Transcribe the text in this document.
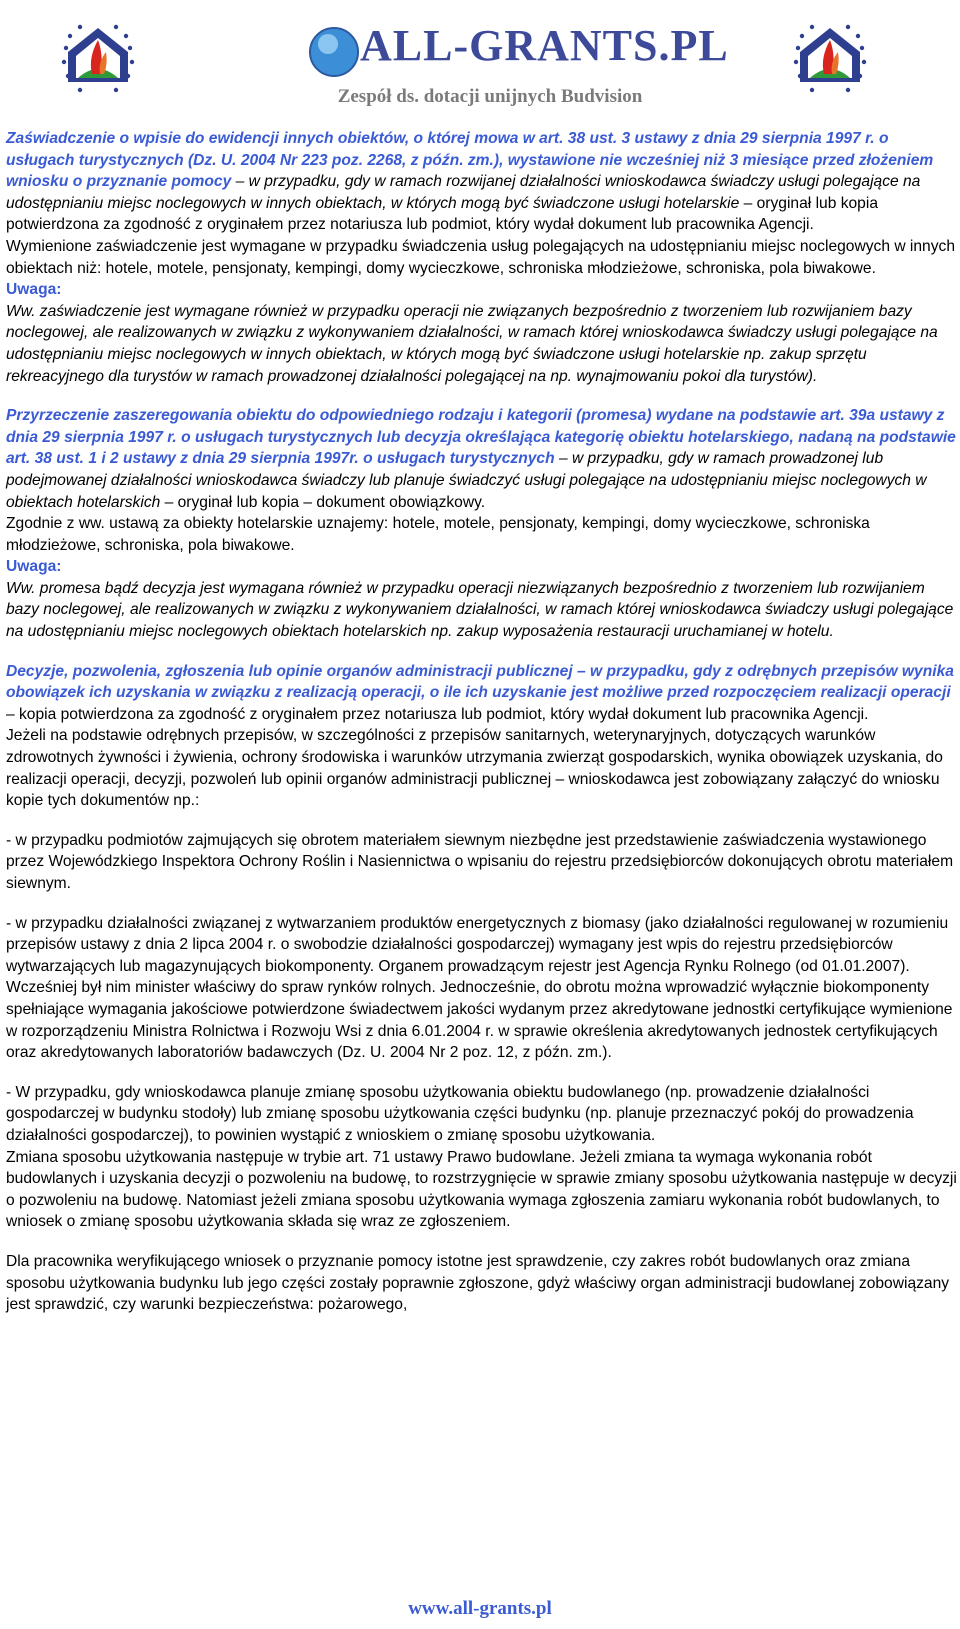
ALL-GRANTS.PL
Zespół ds. dotacji unijnych Budvision

Zaświadczenie o wpisie do ewidencji innych obiektów, o której mowa w art. 38 ust. 3 ustawy z dnia 29 sierpnia 1997 r. o usługach turystycznych (Dz. U. 2004 Nr 223 poz. 2268, z późn. zm.), wystawione nie wcześniej niż 3 miesiące przed złożeniem wniosku o przyznanie pomocy – w przypadku, gdy w ramach rozwijanej działalności wnioskodawca świadczy usługi polegające na udostępnianiu miejsc noclegowych w innych obiektach, w których mogą być świadczone usługi hotelarskie – oryginał lub kopia potwierdzona za zgodność z oryginałem przez notariusza lub podmiot, który wydał dokument lub pracownika Agencji.

Wymienione zaświadczenie jest wymagane w przypadku świadczenia usług polegających na udostępnianiu miejsc noclegowych w innych obiektach niż: hotele, motele, pensjonaty, kempingi, domy wycieczkowe, schroniska młodzieżowe, schroniska, pola biwakowe.

Uwaga:

Ww. zaświadczenie jest wymagane również w przypadku operacji nie związanych bezpośrednio z tworzeniem lub rozwijaniem bazy noclegowej, ale realizowanych w związku z wykonywaniem działalności, w ramach której wnioskodawca świadczy usługi polegające na udostępnianiu miejsc noclegowych w innych obiektach, w których mogą być świadczone usługi hotelarskie np. zakup sprzętu rekreacyjnego dla turystów w ramach prowadzonej działalności polegającej na np. wynajmowaniu pokoi dla turystów).

Przyrzeczenie zaszeregowania obiektu do odpowiedniego rodzaju i kategorii (promesa) wydane na podstawie art. 39a ustawy z dnia 29 sierpnia 1997 r. o usługach turystycznych lub decyzja określająca kategorię obiektu hotelarskiego, nadaną na podstawie art. 38 ust. 1 i 2 ustawy z dnia 29 sierpnia 1997r. o usługach turystycznych – w przypadku, gdy w ramach prowadzonej lub podejmowanej działalności wnioskodawca świadczy lub planuje świadczyć usługi polegające na udostępnianiu miejsc noclegowych w obiektach hotelarskich – oryginał lub kopia – dokument obowiązkowy.

Zgodnie z ww. ustawą za obiekty hotelarskie uznajemy: hotele, motele, pensjonaty, kempingi, domy wycieczkowe, schroniska młodzieżowe, schroniska, pola biwakowe.

Uwaga:

Ww. promesa bądź decyzja jest wymagana również w przypadku operacji niezwiązanych bezpośrednio z tworzeniem lub rozwijaniem bazy noclegowej, ale realizowanych w związku z wykonywaniem działalności, w ramach której wnioskodawca świadczy usługi polegające na udostępnianiu miejsc noclegowych obiektach hotelarskich np. zakup wyposażenia restauracji uruchamianej w hotelu.

Decyzje, pozwolenia, zgłoszenia lub opinie organów administracji publicznej – w przypadku, gdy z odrębnych przepisów wynika obowiązek ich uzyskania w związku z realizacją operacji, o ile ich uzyskanie jest możliwe przed rozpoczęciem realizacji operacji – kopia potwierdzona za zgodność z oryginałem przez notariusza lub podmiot, który wydał dokument lub pracownika Agencji.

Jeżeli na podstawie odrębnych przepisów, w szczególności z przepisów sanitarnych, weterynaryjnych, dotyczących warunków zdrowotnych żywności i żywienia, ochrony środowiska i warunków utrzymania zwierząt gospodarskich, wynika obowiązek uzyskania, do realizacji operacji, decyzji, pozwoleń lub opinii organów administracji publicznej – wnioskodawca jest zobowiązany załączyć do wniosku kopie tych dokumentów np.:

- w przypadku podmiotów zajmujących się obrotem materiałem siewnym niezbędne jest przedstawienie zaświadczenia wystawionego przez Wojewódzkiego Inspektora Ochrony Roślin i Nasiennictwa o wpisaniu do rejestru przedsiębiorców dokonujących obrotu materiałem siewnym.

- w przypadku działalności związanej z wytwarzaniem produktów energetycznych z biomasy (jako działalności regulowanej w rozumieniu przepisów ustawy z dnia 2 lipca 2004 r. o swobodzie działalności gospodarczej) wymagany jest wpis do rejestru przedsiębiorców wytwarzających lub magazynujących biokomponenty. Organem prowadzącym rejestr jest Agencja Rynku Rolnego (od 01.01.2007). Wcześniej był nim minister właściwy do spraw rynków rolnych. Jednocześnie, do obrotu można wprowadzić wyłącznie biokomponenty spełniające wymagania jakościowe potwierdzone świadectwem jakości wydanym przez akredytowane jednostki certyfikujące wymienione w rozporządzeniu Ministra Rolnictwa i Rozwoju Wsi z dnia 6.01.2004 r. w sprawie określenia akredytowanych jednostek certyfikujących oraz akredytowanych laboratoriów badawczych (Dz. U. 2004 Nr 2 poz. 12, z późn. zm.).

- W przypadku, gdy wnioskodawca planuje zmianę sposobu użytkowania obiektu budowlanego (np. prowadzenie działalności gospodarczej w budynku stodoły) lub zmianę sposobu użytkowania części budynku (np. planuje przeznaczyć pokój do prowadzenia działalności gospodarczej), to powinien wystąpić z wnioskiem o zmianę sposobu użytkowania.

Zmiana sposobu użytkowania następuje w trybie art. 71 ustawy Prawo budowlane. Jeżeli zmiana ta wymaga wykonania robót budowlanych i uzyskania decyzji o pozwoleniu na budowę, to rozstrzygnięcie w sprawie zmiany sposobu użytkowania następuje w decyzji o pozwoleniu na budowę. Natomiast jeżeli zmiana sposobu użytkowania wymaga zgłoszenia zamiaru wykonania robót budowlanych, to wniosek o zmianę sposobu użytkowania składa się wraz ze zgłoszeniem.

Dla pracownika weryfikującego wniosek o przyznanie pomocy istotne jest sprawdzenie, czy zakres robót budowlanych oraz zmiana sposobu użytkowania budynku lub jego części zostały poprawnie zgłoszone, gdyż właściwy organ administracji budowlanej zobowiązany jest sprawdzić, czy warunki bezpieczeństwa: pożarowego,

www.all-grants.pl
